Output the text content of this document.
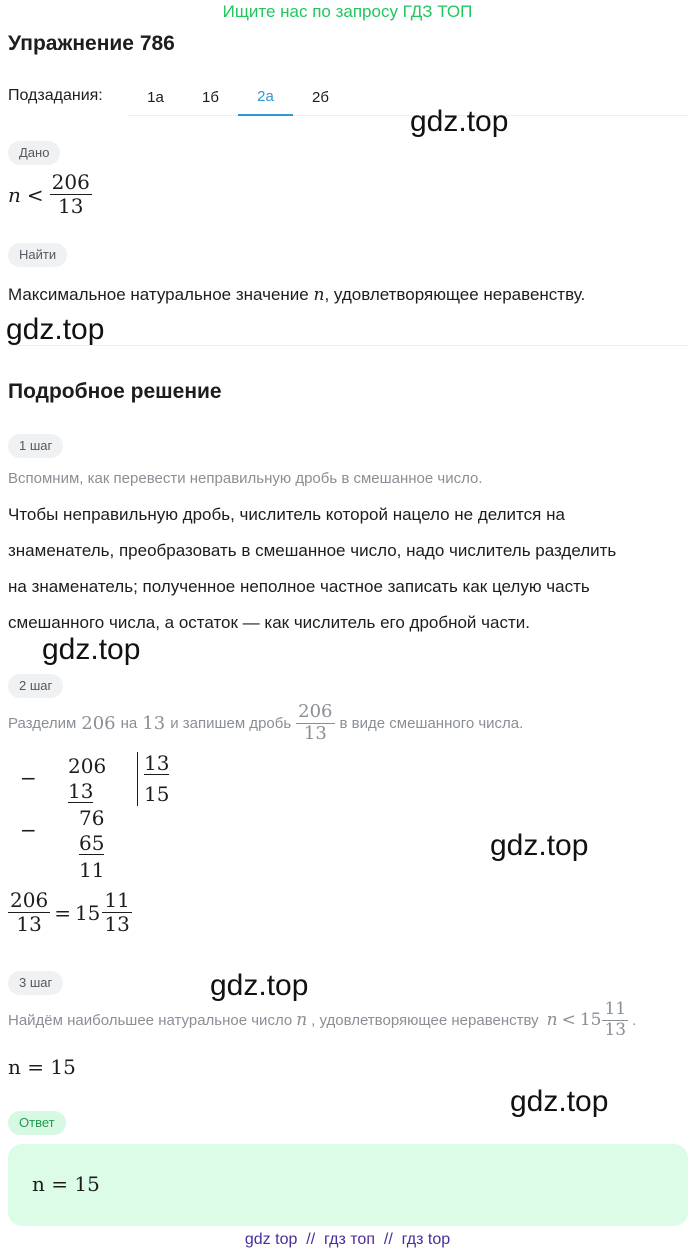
Ищите нас по запросу ГДЗ ТОП
Упражнение 786
Подзадания:	1а	1б	2а	2б
gdz.top
Дано
$n < \frac{206}{13}$
Найти
Максимальное натуральное значение n, удовлетворяющее неравенству.
gdz.top
Подробное решение
1 шаг
Вспомним, как перевести неправильную дробь в смешанное число.
Чтобы неправильную дробь, числитель которой нацело не делится на
знаменатель, преобразовать в смешанное число, надо числитель разделить
на знаменатель; полученное неполное частное записать как целую часть
смешанного числа, а остаток — как числитель его дробной части.
gdz.top
2 шаг
Разделим 206 на 13 и запишем дробь $\frac{206}{13}$ в виде смешанного числа.
− 206
13
13
15
− 76
65
11
gdz.top
$\frac{206}{13} = 15 \frac{11}{13}$
3 шаг	gdz.top
Найдём наибольшее натуральное число n , удовлетворяющее неравенству $n < 15 \frac{11}{13}$ .
n = 15
gdz.top
Ответ
n = 15
gdz top  //  гдз топ  //  гдз top
